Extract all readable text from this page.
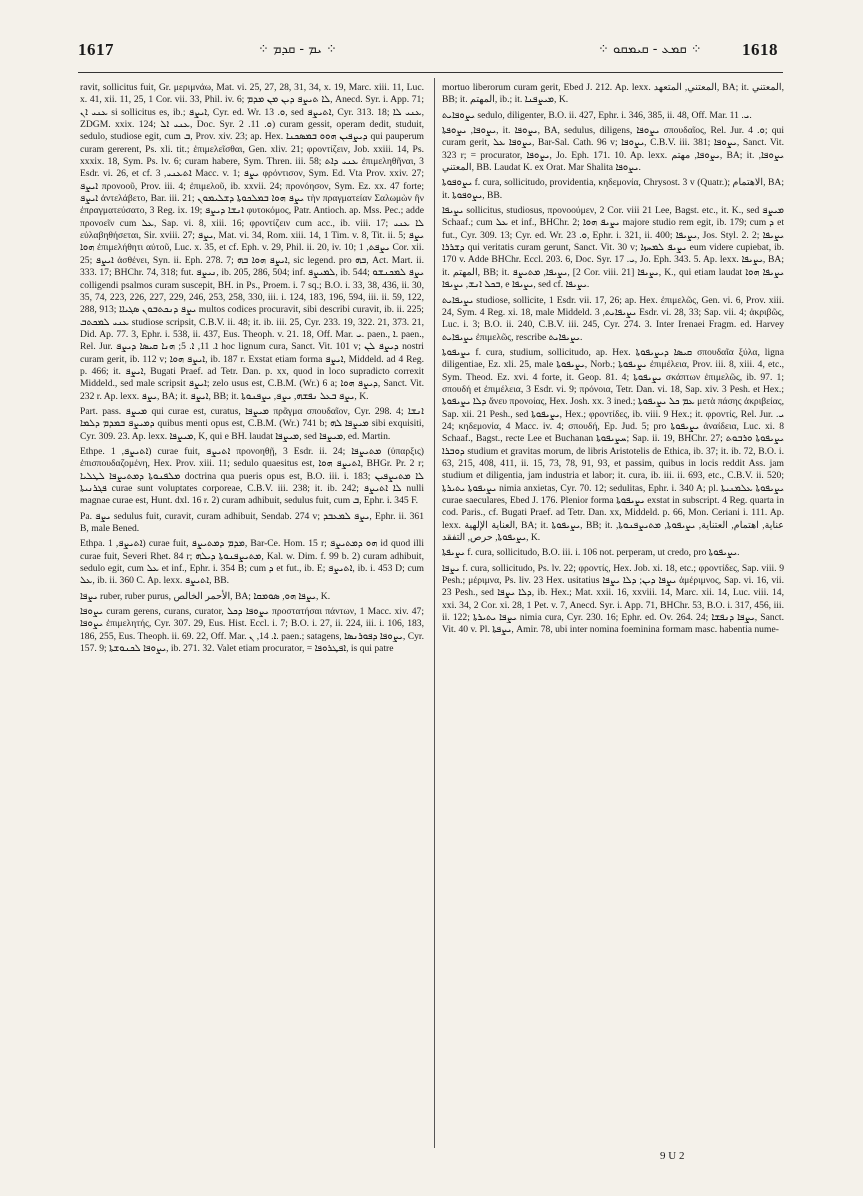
1617	⁘ ܝܡ - ܩܕܡ ⁘	⁘ ܩܡܥ - ܩܝܡܩܘ ⁘ 1618

ravit, sollicitus fuit, Gr. μεριμνάω, Mat. vi. 25, 27, 28, 31, 34, x. 19, Marc. xiii. 11, Luc. x. 41, xii. 11, 25, 1 Cor. vii. 33, Phil. iv. 6; ܠܐ ܬܝܨܦ ܕܝܢ ܡܢ ܡܕܡ, Anecd. Syr. i. App. 71; ܥܢܝ ܐܢ si sollicitus es, ib.; ܐܝܨܦ, Cyr. ed. Wr. ܘ. 13, sed ܐܬܝܨܦ, Cyr. 313. 18; ܥܢܝ ܠܐ, ZDGM. xxix. 124; ܥܢܝ ܐܠ, Doc. Syr. ܘ. 11. 2) curam gessit, operam dedit, studuit, sedulo, studiose egit, cum ܒ, Prov. xiv. 23; ap. Hex. ܕܝܨܦܝܢ ܗܘܘ ܒܡܣܟܢܐ qui pauperum curam gererent, Ps. xli. tit.; ἐπιμελεῖσθαι, Gen. xliv. 21; φροντίζειν, Job. xxiii. 14, Ps. xxxix. 18, Sym. Ps. lv. 6; curam habere, Sym. Thren. iii. 58; ܥܢܝ ܕܐܬ ἐπιμεληθῆναι, 3 Esdr. vi. 26, et cf. ܐܬܥܢܝ, 3 Macc. v. 1; ܝܨܦ φρόντισον, Sym. Ed. Vta Prov. xxiv. 27; ܐܝܨܦ προνοοῦ, Prov. iii. 4; ἐπιμελοῦ, ib. xxvii. 24; προνόησον, Sym. Ez. xx. 47 forte; ܐܝܨܦ ἀντελάβετο, Bar. iii. 21; ܝܨܦ ܗܘܐ ܒܡܠܟܘܬܐ ܕܫܠܝܡܘܢ τὴν πραγματείαν Σαλωμὼν ἣν ἐπραγματεύσατο, 3 Reg. ix. 19; ܐܢܫܐ ܕܝܨܦ φυτοκόμος, Patr. Antioch. ap. Mss. Pec.; adde προνοεῖν cum ܥܠ, Sap. vi. 8, xiii. 16; φροντίζειν cum acc., ib. viii. 17; ܠܐ ܥܢܝ εὐλαβηθήσεται, Sir. xviii. 27; ܝܨܦ, Mat. vi. 34, Rom. xiii. 14, 1 Tim. v. 8, Tit. ii. 5; ܝܨܦ ܗܘܐ ἐπιμελήθητι αὐτοῦ, Luc. x. 35, et cf. Eph. v. 29, Phil. ii. 20, iv. 10; ܝܨܦܬ, 1 Cor. xii. 25; ܐܝܨܦ ἀσθένει, Syn. ii. Eph. 278. 7; ܐܝܨܦ ܗܘܐ ܒܗ, sic legend. pro ܒܗ, Act. Mart. ii. 333. 17; BHChr. 74, 318; fut. ܢܝܨܦ, ib. 205, 286, 504; inf. ܠܡܝܨܦ, ib. 544; ܝܨܦ ܠܡܟܢܫܘ colligendi psalmos curam suscepit, BH. in Ps., Proem. i. 7 sq.; B.O. i. 33, 38, 436, ii. 30, 35, 74, 223, 226, 227, 229, 246, 253, 258, 330, iii. i. 124, 183, 196, 594, iii. ii. 59, 122, 288, 913; ܝܨܦ ܕܢܟܬܒܘܢ ܣܓܝܐܐ multos codices procuravit, sibi describi curavit, ib. ii. 225; ܥܢܝ ܠܡܟܬܒ studiose scripsit, C.B.V. ii. 48; it. ib. iii. 25, Cyr. 233. 19, 322. 21, 373. 21, Did. Ap. 77. 3, Ephr. i. 538, ii. 437, Eus. Theoph. v. 21. 18, Off. Mar. ܝ. paen., ܐ. paen., Rel. Jur. ܐ. 11, ܐ. 5; ܗܢܐ ܩܝܣܐ ܕܝܨܦ hoc lignum cura, Sanct. Vit. 101 v; ܕܝܨܦ ܠܢ nostri curam gerit, ib. 112 v; ܐܝܨܦ ܗܘܐ, ib. 187 r. Exstat etiam forma ܐܝܨܦ, Middeld. ad 4 Reg. p. 466; it. ܐܝܨܦ, Bugati Praef. ad Tetr. Dan. p. xx, quod in loco supradicto correxit Middeld., sed male scripsit ܐܝܨܦ; zelo usus est, C.B.M. (Wr.) 6 a; ܕܝܨܦ ܗܘܐ, Sanct. Vit. 232 r. Ap. lexx. ܝܨܦ, BA; it. ܐܝܨܦ, BB; it. ܝܨܦ ܒܥܠ ܢܦܫܗ, ܝܨܦ, ܝܨܦܢܘܬܐ, K.

Part. pass. ܡܝܨܦ qui curae est, curatus, ܡܝܨܦܐ πρᾶγμα σπουδαῖον, Cyr. 298. 4; ܐܢܫܐ ܕܡܝܨܦ ܒܡܕܡ ܕܠܡܐ quibus menti opus est, C.B.M. (Wr.) 741 b; ܡܝܨܦܐ ܠܗ sibi exquisiti, Cyr. 309. 23. Ap. lexx. ܡܝܨܦܐ, K, qui e BH. laudat ܡܝܨܦܐ, sed ܡܝܨܦܐ, ed. Martin.

Ethpe. ܐܬܝܨܦ, 1) curae fuit, ܐܬܝܨܦ προνοηθῇ, 3 Esdr. ii. 24; ܡܬܝܨܦܐ (ὑπαρξις) ἐπισπουδαζομένη, Hex. Prov. xiii. 11; sedulo quaesitus est, ܐܬܝܨܦ ܗܘܐ, BHGr. Pr. 2 r; ܡܠܦܢܘܬܐ ܕܡܬܝܨܦܐ ܠܛܠܝܐ doctrina qua pueris opus est, B.O. iii. i. 183; ܠܐ ܡܬܝܨܦܝܢ ܦܓܪܢܝܬܐ curae sunt voluptates corporeae, C.B.V. iii. 238; it. ib. 242; ܠܐ ܐܬܝܨܦ nulli magnae curae est, Hunt. dxl. 16 r. 2) curam adhibuit, sedulus fuit, cum ܒ, Ephr. i. 345 F.

Pa. ܝܨܦ sedulus fuit, curavit, curam adhibuit, Sendab. 274 v; ܝܨܦ ܠܡܥܒܕ, Ephr. ii. 361 B, male Bened.

Ethpa. ܐܬܝܨܦ, 1) curae fuit, ܡܕܡ ܕܡܬܝܨܦ, Bar-Ce. Hom. 15 r; ܗܘ ܕܡܬܝܨܦ id quod illi curae fuit, Severi Rhet. 84 r; ܡܬܝܨܦܢܘܬܐ ܕܝܠܗ, Kal. w. Dim. f. 99 b. 2) curam adhibuit, sedulo egit, cum ܥܠ et inf., Ephr. i. 354 B; cum ܕ et fut., ib. E; ܐܬܝܨܦ, ib. i. 453 D; cum ܥܠ, ib. ii. 360 C. Ap. lexx. ܐܬܝܨܦ, BB.

ܝܨܦܐ ruber, ruber purus, الأحمر الخالص, BA; ܝܨܦܐ ܗܘ, ܣܘܡܩܐ, K.

ܝܨܘܦܐ curam gerens, curans, curator, ܝܨܘܦܐ ܕܟܠ προστατήσαι πάντων, 1 Macc. xiv. 47; ܝܨܘܦܐ ἐπιμελητής, Cyr. 307. 29, Eus. Hist. Eccl. i. 7; B.O. i. 27, ii. 224, iii. i. 106, 183, 186, 255, Eus. Theoph. ii. 69. 22, Off. Mar. ܐ. 14, ܢ. paen.; satagens, ܝܨܘܦܐ ܕܦܘܪܢܣܐ, Cyr. 157. 9; ܝܨܘܦܐ ܠܟܢܘܫܬܐ, ib. 271. 32. Valet etiam procurator, = ܐܦܛܪܘܦܐ, is qui patre

mortuo liberorum curam gerit, Ebed J. 212. Ap. lexx. المعتني, المتعهد, BA; it. المعتني, BB; it. المهتم, ib.; it. ܡܝܨܦܢܐ, K.

ܝܨܘܦܐܝܬ sedulo, diligenter, B.O. ii. 427, Ephr. i. 346, 385, ii. 48, Off. Mar. ܝ. 11.

ܝܨܘܦܐ, ܝܨܘܦܬܐ, it. ܝܨܘܦܐ, BA, sedulus, diligens, ܝܨܘܦܐ σπουδαῖος, Rel. Jur. ܘ. 4; qui curam gerit, ܝܨܘܦܐ ܥܠ, Bar-Sal. Cath. 96 v; ܝܨܘܦܐ, C.B.V. iii. 381; ܝܨܘܦܐ, Sanct. Vit. 323 r; = procurator, ܝܨܘܦܐ, Jo. Eph. 171. 10. Ap. lexx. ܝܨܘܦܐ, مهتم, BA; it. ܝܨܘܦܐ, المعتني, BB. Laudat K. ex Orat. Mar Shalita ܝܨܘܦܐ.

ܝܨܘܦܘܬܐ f. cura, sollicitudo, providentia, κηδεμονία, Chrysost. 3 v (Quatr.); الاهتمام, BA; it. ܝܨܘܦܘܬܐ, BB.

ܝܨܝܦܐ sollicitus, studiosus, προνοούμεν, 2 Cor. viii 21 Lee, Bagst. etc., it. K., sed ܡܝܨܦ Schaaf.; cum ܥܠ et inf., BHChr. 2; ܝܨܝܦ ܗܘܐ majore studio rem egit, ib. 179; cum ܕ et fut., Cyr. 309. 13; Cyr. ed. Wr. ܘ. 23, Ephr. i. 321, ii. 400; ܝܨܝܦܐ, Jos. Styl. 2. 2; ܝܨܝܦܐ ܕܫܪܪܐ qui veritatis curam gerunt, Sanct. Vit. 30 v; ܝܨܝܦ ܠܡܚܙܐ eum videre cupiebat, ib. 170 v. Adde BHChr. Eccl. 203. 6, Doc. Syr. ܝ. 17, Jo. Eph. 343. 5. Ap. lexx. ܝܨܝܦܐ, BA; it. المهتم, BB; it. ܝܨܝܦܐ, ܡܬܝܨܦ, [2 Cor. viii. 21] ܝܨܝܦܐ, K., qui etiam laudat ܝܨܝܦܐ ܗܘܐ ܒܟܠ ܐܢܫ, ܝܨܝܦܐ, e ܝܨܝܦܐ, sed cf. ܝܨܝܦܐ.

ܝܨܝܦܐܝܬ studiose, sollicite, 1 Esdr. vii. 17, 26; ap. Hex. ἐπιμελῶς, Gen. vi. 6, Prov. xiii. 24, Sym. 4 Reg. xi. 18, male Middeld. ܝܨܝܦܐܝܬ, 3 Esdr. vi. 28, 33; Sap. vii. 4; ἀκριβῶς, Luc. i. 3; B.O. ii. 240, C.B.V. iii. 245, Cyr. 274. 3. Inter Irenaei Fragm. ed. Harvey ܝܨܝܦܐܝܬ ἐπιμελῶς, rescribe ܝܨܝܦܐܝܬ.

ܝܨܝܦܘܬܐ f. cura, studium, sollicitudo, ap. Hex. ܩܝܣܐ ܕܝܨܝܦܘܬܐ σπουδαῖα ξύλα, ligna diligentiae, Ez. xli. 25, male ܝܨܝܦܘܬܐ, Norb.; ܝܨܝܦܘܬܐ ἐπιμέλεια, Prov. iii. 8, xiii. 4, etc., Sym. Theod. Ez. xvi. 4 forte, it. Geop. 81. 4; ܝܨܝܦܘܬܐ σκάπτων ἐπιμελῶς, ib. 97. 1; σπουδή et ἐπιμέλεια, 3 Esdr. vi. 9; πρόνοια, Tetr. Dan. vi. 18, Sap. xiv. 3 Pesh. et Hex.; ܕܠܐ ܝܨܝܦܘܬܐ ἄνευ προνοίας, Hex. Josh. xx. 3 ined.; ܥܡ ܟܠ ܝܨܝܦܘܬܐ μετὰ πάσης ἀκριβείας, Sap. xii. 21 Pesh., sed ܝܨܝܦܘܬܐ, Hex.; φροντίδες, ib. viii. 9 Hex.; it. φροντίς, Rel. Jur. ܝ. 24; κηδεμονία, 4 Macc. iv. 4; σπουδή, Ep. Jud. 5; pro ܝܨܝܦܘܬܐ ἀναίδεια, Luc. xi. 8 Schaaf., Bagst., recte Lee et Buchanan ܚܨܝܦܘܬܐ; Sap. ii. 19, BHChr. 27; ܝܨܝܦܘܬܐ ܘܪܒܘܬ ܕܘܒܪܐ studium et gravitas morum, de libris Aristotelis de Ethica, ib. 37; it. ib. 72, B.O. i. 63, 215, 408, 411, ii. 15, 73, 78, 91, 93, et passim, quibus in locis reddit Ass. jam studium et diligentia, jam industria et labor; it. cura, ib. iii. ii. 693, etc., C.B.V. ii. 520; ܝܨܝܦܘܬܐ ܝܬܝܪܬܐ nimia anxietas, Cyr. 70. 12; sedulitas, Ephr. i. 340 A; pl. ܝܨܝܦܘܬܐ ܥܠܡܢܝܬܐ curae saeculares, Ebed J. 176. Plenior forma ܝܨܝܦܘܬܐ exstat in subscript. 4 Reg. quarta in cod. Paris., cf. Bugati Praef. ad Tetr. Dan. xx, Middeld. p. 66, Mon. Ceriani i. 111. Ap. lexx. العناية الإلهية, BA; it. ܝܨܝܦܘܬܐ, BB; it. عناية, اهتمام, العتناية, ܝܨܝܦܘܬܐ, ܡܬܝܨܦܢܘܬܐ, ܝܨܝܦܘܬܐ, حرص, التفقد, K.

ܝܨܝܦܬܐ f. cura, sollicitudo, B.O. iii. i. 106 not. perperam, ut credo, pro ܝܨܝܦܘܬܐ.

ܝܨܦܐ f. cura, sollicitudo, Ps. lv. 22; φροντίς, Hex. Job. xi. 18, etc.; φροντίδες, Sap. viii. 9 Pesh.; μέριμνα, Ps. liv. 23 Hex. usitatius ܝܨܦܐ ܕܝܢ; ܕܠܐ ܝܨܦܐ ἀμέριμνος, Sap. vi. 16, vii. 23 Pesh., sed ܕܠܐ ܝܨܦܐ, ib. Hex.; Mat. xxii. 16, xxviii. 14, Marc. xii. 14, Luc. viii. 14, xxi. 34, 2 Cor. xi. 28, 1 Pet. v. 7, Anecd. Syr. i. App. 71, BHChr. 53, B.O. i. 317, 456, iii. ii. 122; ܝܨܦܐ ܝܬܝܪܬܐ nimia cura, Cyr. 230. 16; Ephr. ed. Ov. 264. 24; ܝܨܦܐ ܕܢܦܫܐ, Sanct. Vit. 40 v. Pl. ܝܨܦܬܐ, Amir. 78, ubi inter nomina foeminina formam masc. habentia nume-

9 U 2
